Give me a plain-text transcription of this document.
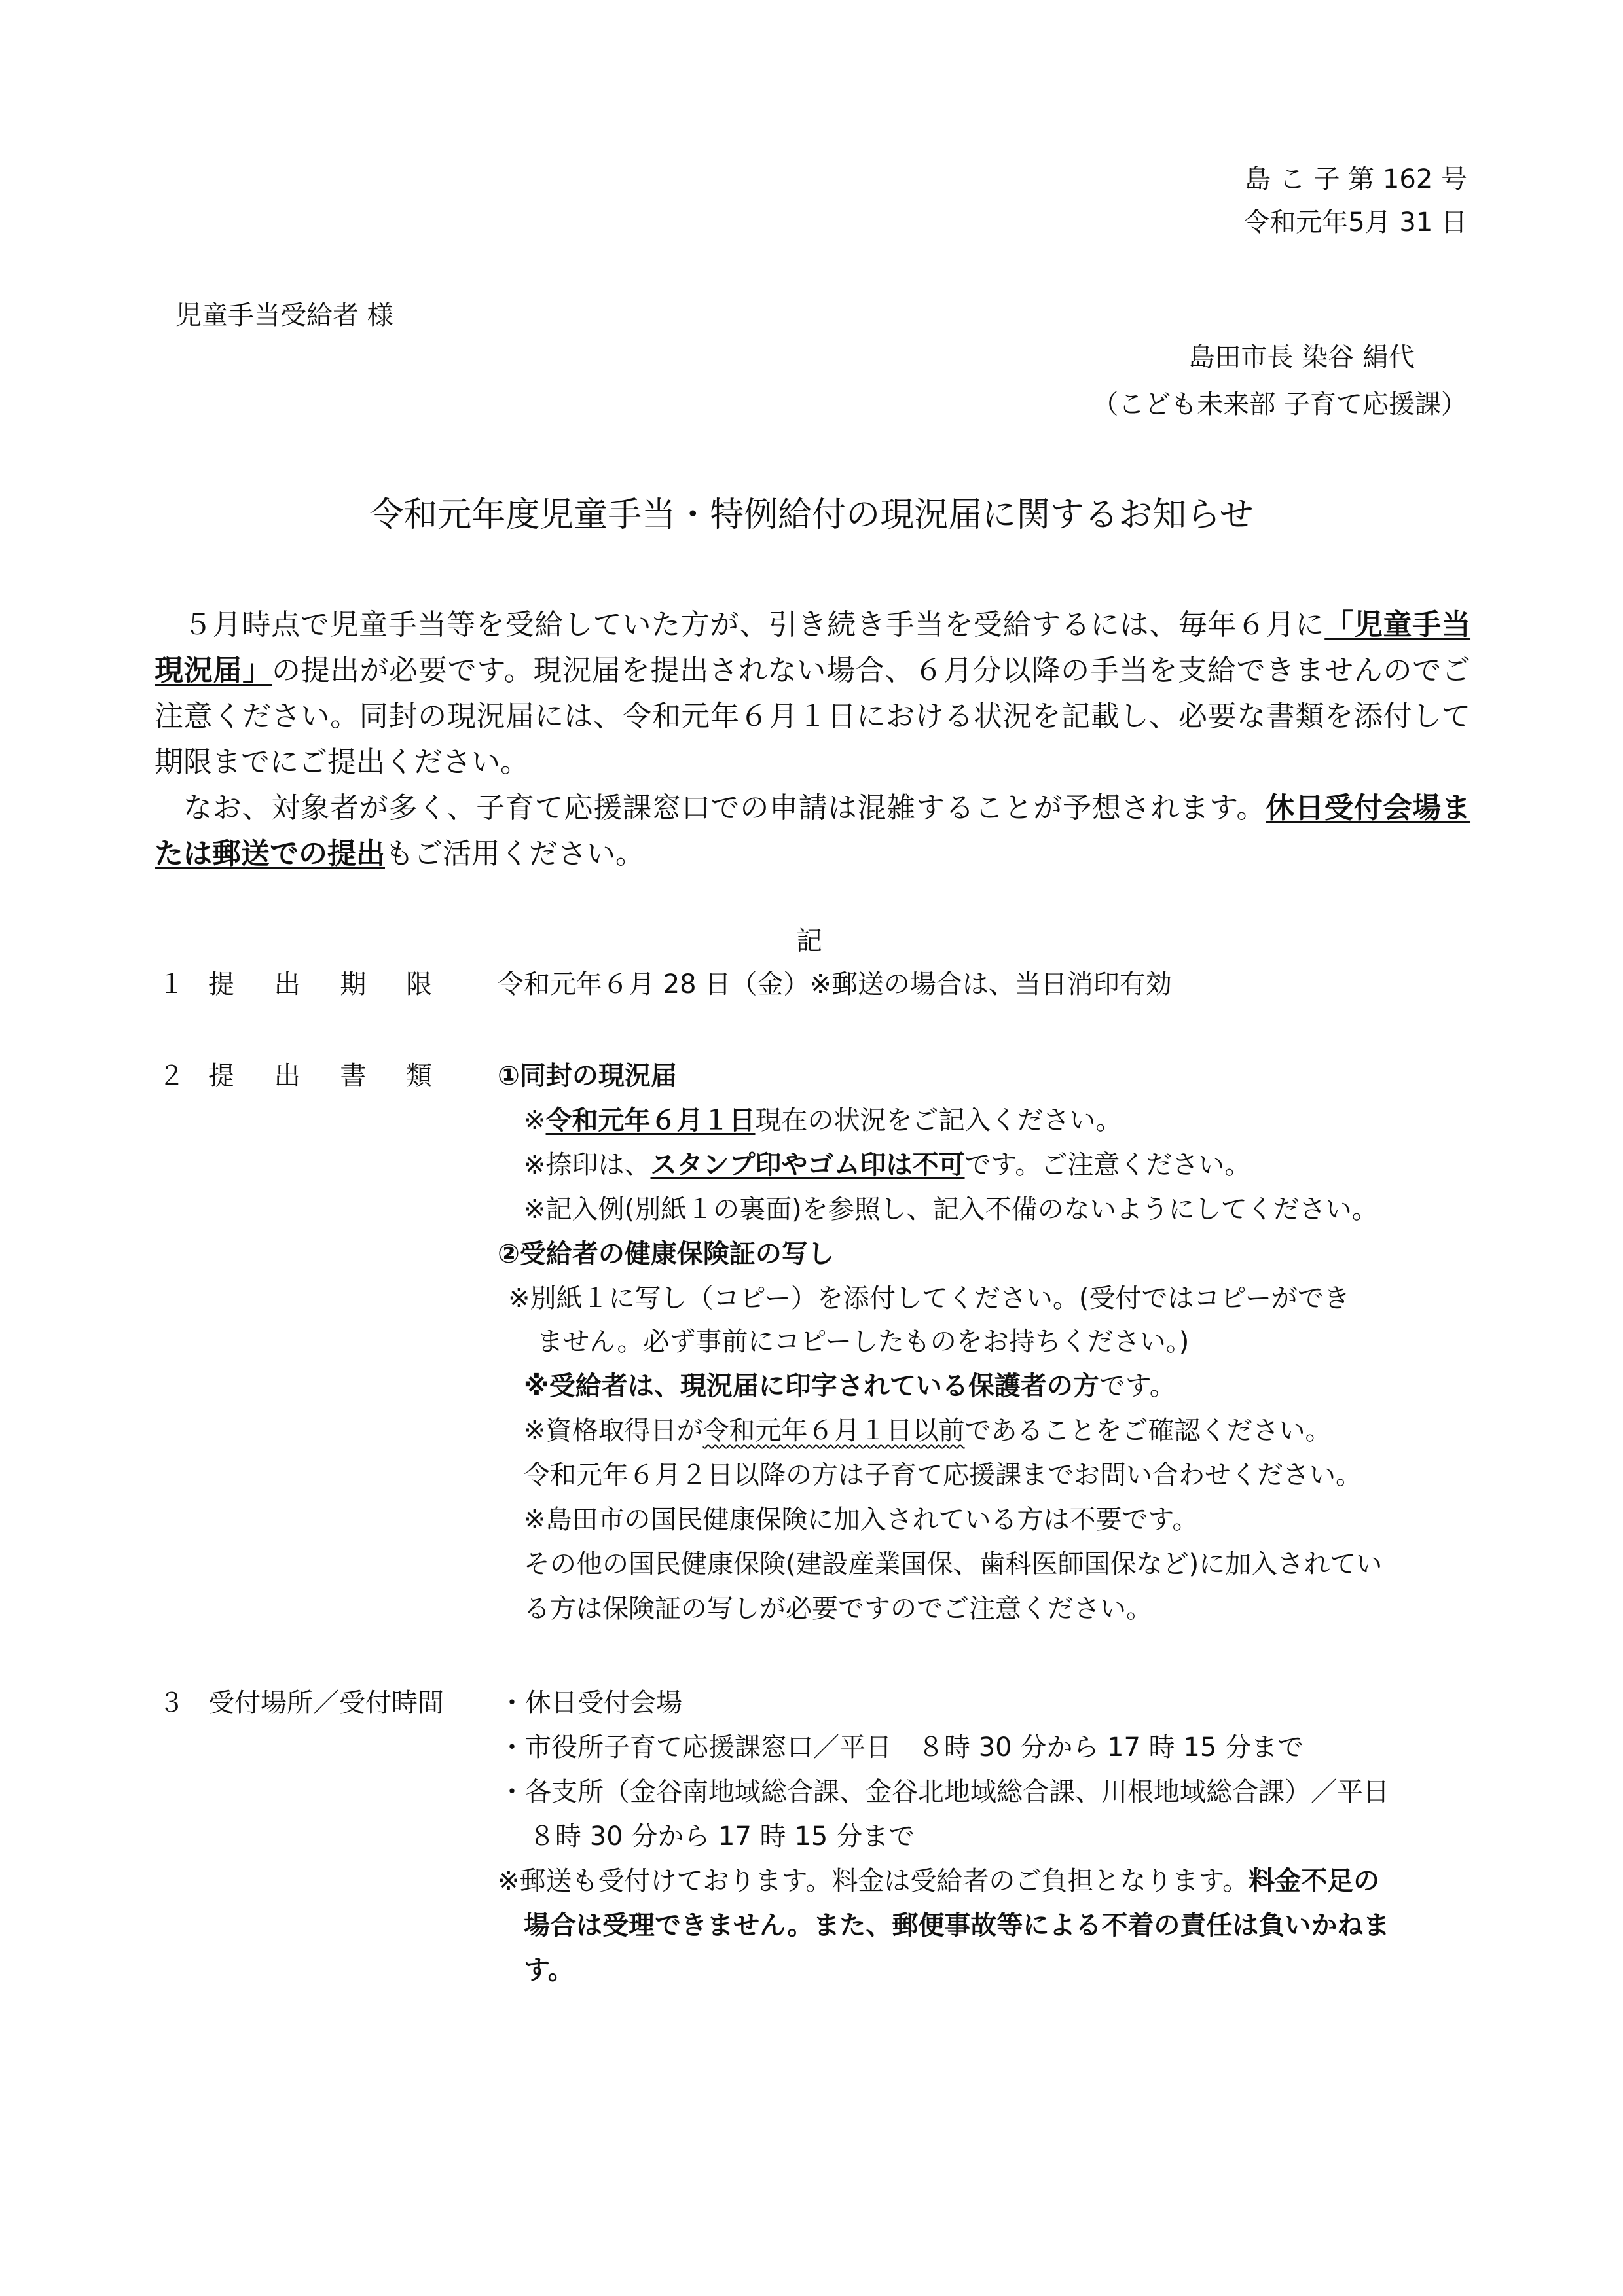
島 こ 子 第 162 号
令和元年5月 31 日
児童手当受給者 様
島田市長 染谷 絹代
（こども未来部 子育て応援課）
令和元年度児童手当・特例給付の現況届に関するお知らせ
５月時点で児童手当等を受給していた方が、引き続き手当を受給するには、毎年６月に「児童手当現況届」の提出が必要です。現況届を提出されない場合、６月分以降の手当を支給できませんのでご注意ください。同封の現況届には、令和元年６月１日における状況を記載し、必要な書類を添付して期限までにご提出ください。
なお、対象者が多く、子育て応援課窓口での申請は混雑することが予想されます。休日受付会場または郵送での提出もご活用ください。
記
１ 提 出 期 限 令和元年６月 28 日（金）※郵送の場合は、当日消印有効
２ 提 出 書 類 ①同封の現況届
※令和元年６月１日現在の状況をご記入ください。
※捺印は、スタンプ印やゴム印は不可です。ご注意ください。
※記入例(別紙１の裏面)を参照し、記入不備のないようにしてください。
②受給者の健康保険証の写し
※別紙１に写し（コピー）を添付してください。(受付ではコピーができ
ません。必ず事前にコピーしたものをお持ちください。)
※受給者は、現況届に印字されている保護者の方です。
※資格取得日が令和元年６月１日以前であることをご確認ください。
令和元年６月２日以降の方は子育て応援課までお問い合わせください。
※島田市の国民健康保険に加入されている方は不要です。
その他の国民健康保険(建設産業国保、歯科医師国保など)に加入されてい
る方は保険証の写しが必要ですのでご注意ください。
３ 受付場所／受付時間 ・休日受付会場
・市役所子育て応援課窓口／平日　８時 30 分から 17 時 15 分まで
・各支所（金谷南地域総合課、金谷北地域総合課、川根地域総合課）／平日
８時 30 分から 17 時 15 分まで
※郵送も受付けております。料金は受給者のご負担となります。料金不足の
場合は受理できません。また、郵便事故等による不着の責任は負いかねま
す。
